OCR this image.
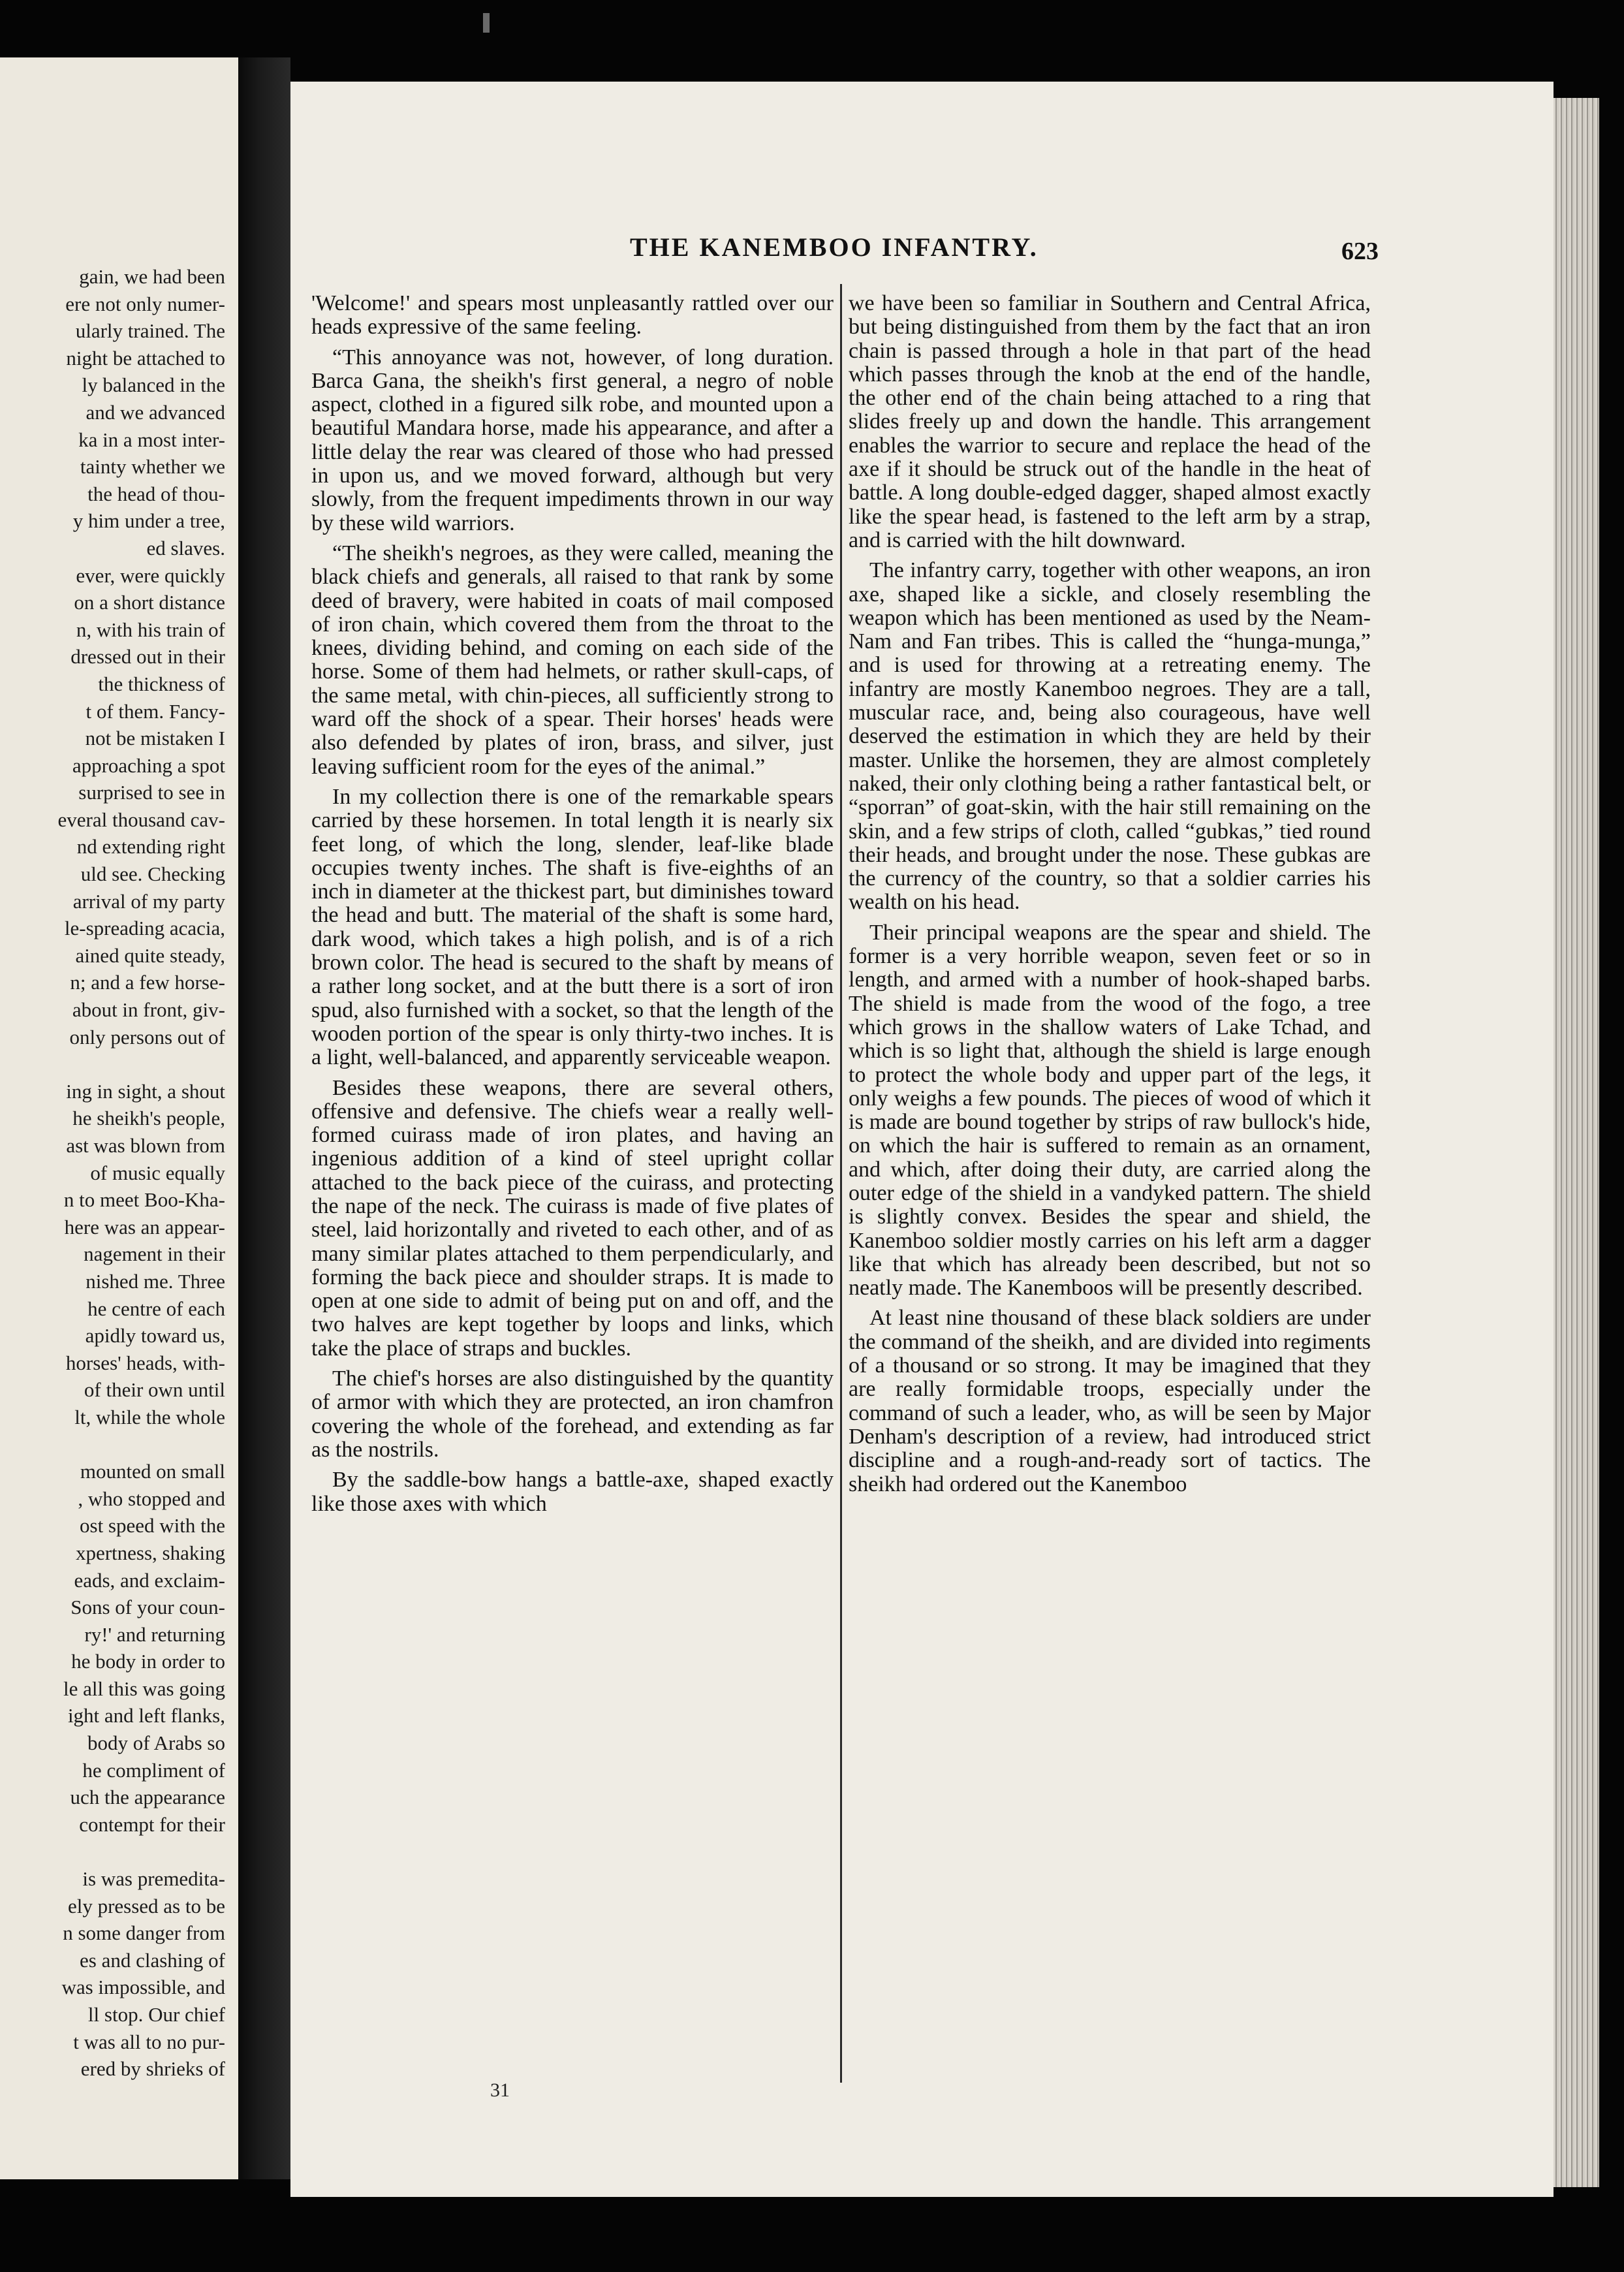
gain, we had been
ere not only numer-
ularly trained. The
night be attached to
ly balanced in the
and we advanced
ka in a most inter-
tainty whether we
the head of thou-
y him under a tree,
ed slaves.
ever, were quickly
on a short distance
n, with his train of
dressed out in their
the thickness of
t of them. Fancy-
not be mistaken I
approaching a spot
surprised to see in
everal thousand cav-
nd extending right
uld see. Checking
arrival of my party
le-spreading acacia,
ained quite steady,
n; and a few horse-
about in front, giv-
only persons out of

ing in sight, a shout
he sheikh's people,
ast was blown from
of music equally
n to meet Boo-Kha-
here was an appear-
nagement in their
nished me. Three
he centre of each
apidly toward us,
horses' heads, with-
of their own until
lt, while the whole

mounted on small
, who stopped and
ost speed with the
xpertness, shaking
eads, and exclaim-
Sons of your coun-
ry!' and returning
he body in order to
le all this was going
ight and left flanks,
body of Arabs so
he compliment of
uch the appearance
contempt for their

is was premedita-
ely pressed as to be
n some danger from
es and clashing of
was impossible, and
ll stop. Our chief
t was all to no pur-
ered by shrieks of
THE KANEMBOO INFANTRY.	623

'Welcome!' and spears most unpleasantly rattled over our heads expressive of the same feeling.

“This annoyance was not, however, of long duration. Barca Gana, the sheikh's first general, a negro of noble aspect, clothed in a figured silk robe, and mounted upon a beautiful Mandara horse, made his appearance, and after a little delay the rear was cleared of those who had pressed in upon us, and we moved forward, although but very slowly, from the frequent impediments thrown in our way by these wild warriors.

“The sheikh's negroes, as they were called, meaning the black chiefs and generals, all raised to that rank by some deed of bravery, were habited in coats of mail composed of iron chain, which covered them from the throat to the knees, dividing behind, and coming on each side of the horse. Some of them had helmets, or rather skull-caps, of the same metal, with chin-pieces, all sufficiently strong to ward off the shock of a spear. Their horses' heads were also defended by plates of iron, brass, and silver, just leaving sufficient room for the eyes of the animal.”

In my collection there is one of the remarkable spears carried by these horsemen. In total length it is nearly six feet long, of which the long, slender, leaf-like blade occupies twenty inches. The shaft is five-eighths of an inch in diameter at the thickest part, but diminishes toward the head and butt. The material of the shaft is some hard, dark wood, which takes a high polish, and is of a rich brown color. The head is secured to the shaft by means of a rather long socket, and at the butt there is a sort of iron spud, also furnished with a socket, so that the length of the wooden portion of the spear is only thirty-two inches. It is a light, well-balanced, and apparently serviceable weapon.

Besides these weapons, there are several others, offensive and defensive. The chiefs wear a really well-formed cuirass made of iron plates, and having an ingenious addition of a kind of steel upright collar attached to the back piece of the cuirass, and protecting the nape of the neck. The cuirass is made of five plates of steel, laid horizontally and riveted to each other, and of as many similar plates attached to them perpendicularly, and forming the back piece and shoulder straps. It is made to open at one side to admit of being put on and off, and the two halves are kept together by loops and links, which take the place of straps and buckles.

The chief's horses are also distinguished by the quantity of armor with which they are protected, an iron chamfron covering the whole of the forehead, and extending as far as the nostrils.

By the saddle-bow hangs a battle-axe, shaped exactly like those axes with which

we have been so familiar in Southern and Central Africa, but being distinguished from them by the fact that an iron chain is passed through a hole in that part of the head which passes through the knob at the end of the handle, the other end of the chain being attached to a ring that slides freely up and down the handle. This arrangement enables the warrior to secure and replace the head of the axe if it should be struck out of the handle in the heat of battle. A long double-edged dagger, shaped almost exactly like the spear head, is fastened to the left arm by a strap, and is carried with the hilt downward.

The infantry carry, together with other weapons, an iron axe, shaped like a sickle, and closely resembling the weapon which has been mentioned as used by the Neam-Nam and Fan tribes. This is called the “hunga-munga,” and is used for throwing at a retreating enemy. The infantry are mostly Kanemboo negroes. They are a tall, muscular race, and, being also courageous, have well deserved the estimation in which they are held by their master. Unlike the horsemen, they are almost completely naked, their only clothing being a rather fantastical belt, or “sporran” of goat-skin, with the hair still remaining on the skin, and a few strips of cloth, called “gubkas,” tied round their heads, and brought under the nose. These gubkas are the currency of the country, so that a soldier carries his wealth on his head.

Their principal weapons are the spear and shield. The former is a very horrible weapon, seven feet or so in length, and armed with a number of hook-shaped barbs. The shield is made from the wood of the fogo, a tree which grows in the shallow waters of Lake Tchad, and which is so light that, although the shield is large enough to protect the whole body and upper part of the legs, it only weighs a few pounds. The pieces of wood of which it is made are bound together by strips of raw bullock's hide, on which the hair is suffered to remain as an ornament, and which, after doing their duty, are carried along the outer edge of the shield in a vandyked pattern. The shield is slightly convex. Besides the spear and shield, the Kanemboo soldier mostly carries on his left arm a dagger like that which has already been described, but not so neatly made. The Kanemboos will be presently described.

At least nine thousand of these black soldiers are under the command of the sheikh, and are divided into regiments of a thousand or so strong. It may be imagined that they are really formidable troops, especially under the command of such a leader, who, as will be seen by Major Denham's description of a review, had introduced strict discipline and a rough-and-ready sort of tactics. The sheikh had ordered out the Kanemboo

31
